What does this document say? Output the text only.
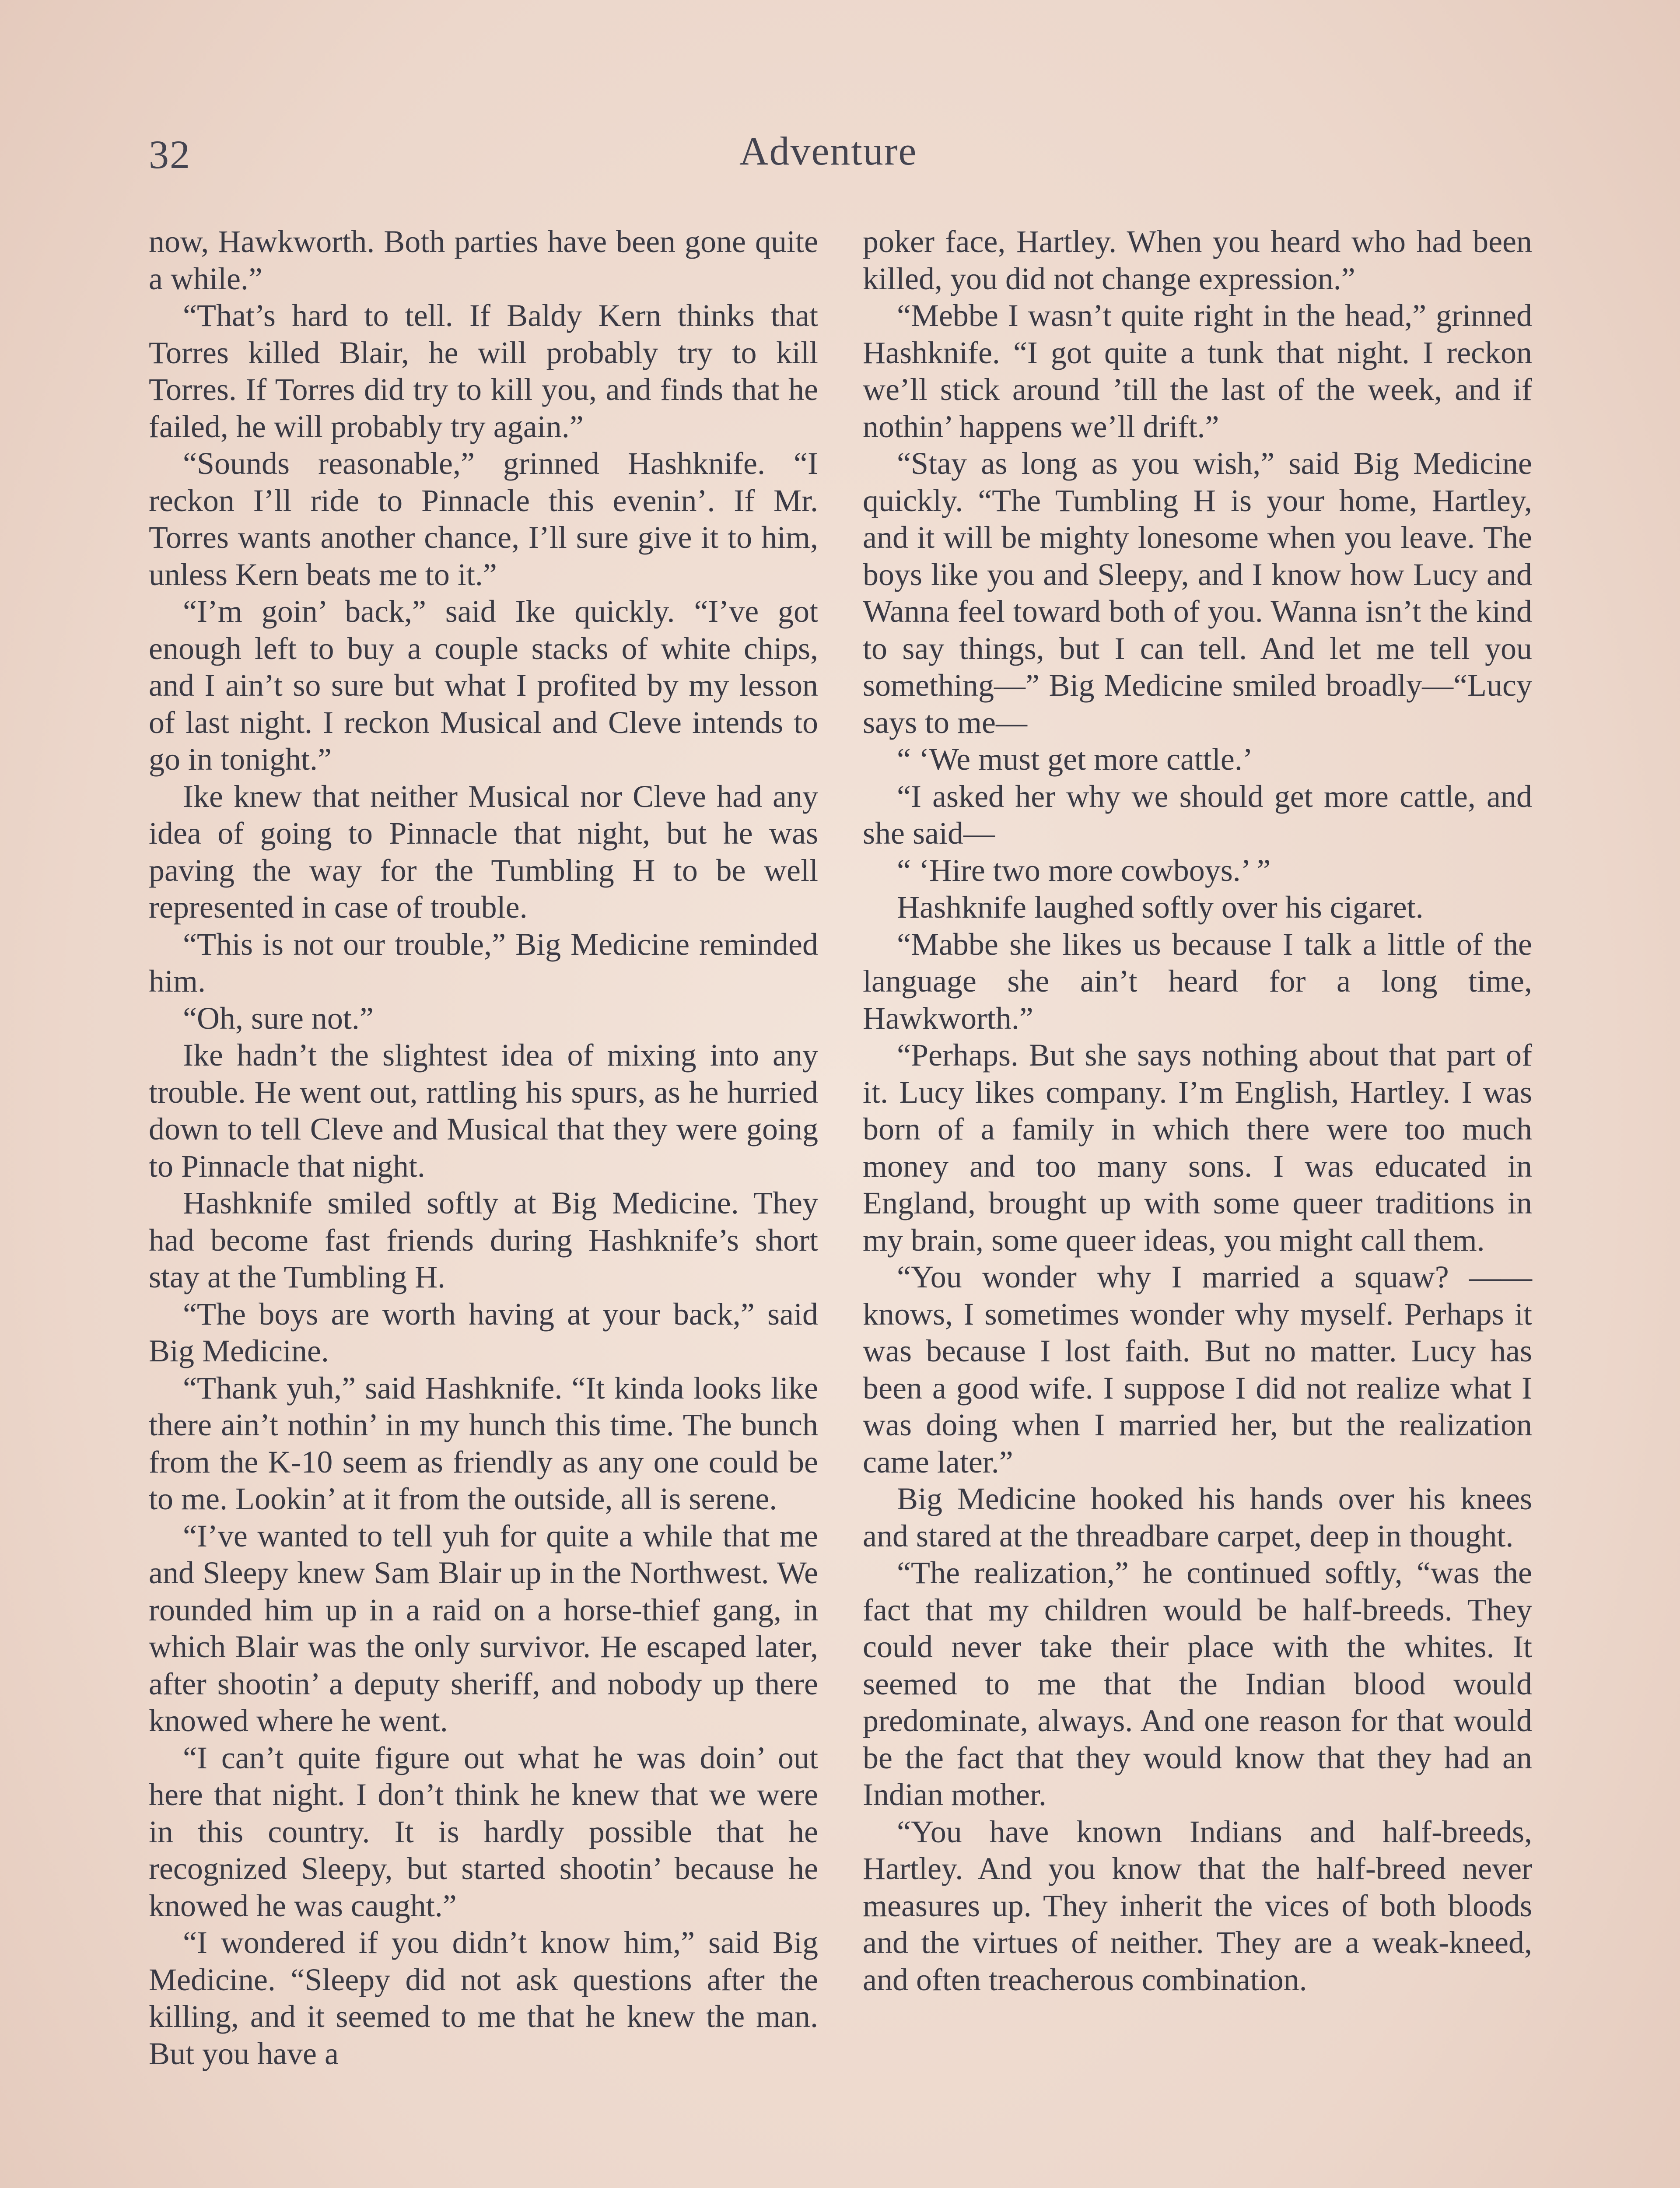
32	Adventure

now, Hawkworth. Both parties have been gone quite a while.”

“That’s hard to tell. If Baldy Kern thinks that Torres killed Blair, he will probably try to kill Torres. If Torres did try to kill you, and finds that he failed, he will probably try again.”

“Sounds reasonable,” grinned Hashknife. “I reckon I’ll ride to Pinnacle this evenin’. If Mr. Torres wants another chance, I’ll sure give it to him, unless Kern beats me to it.”

“I’m goin’ back,” said Ike quickly. “I’ve got enough left to buy a couple stacks of white chips, and I ain’t so sure but what I profited by my lesson of last night. I reckon Musical and Cleve intends to go in tonight.”

Ike knew that neither Musical nor Cleve had any idea of going to Pinnacle that night, but he was paving the way for the Tumbling H to be well represented in case of trouble.

“This is not our trouble,” Big Medicine reminded him.

“Oh, sure not.”

Ike hadn’t the slightest idea of mixing into any trouble. He went out, rattling his spurs, as he hurried down to tell Cleve and Musical that they were going to Pinnacle that night.

Hashknife smiled softly at Big Medicine. They had become fast friends during Hashknife’s short stay at the Tumbling H.

“The boys are worth having at your back,” said Big Medicine.

“Thank yuh,” said Hashknife. “It kinda looks like there ain’t nothin’ in my hunch this time. The bunch from the K-10 seem as friendly as any one could be to me. Lookin’ at it from the outside, all is serene.

“I’ve wanted to tell yuh for quite a while that me and Sleepy knew Sam Blair up in the Northwest. We rounded him up in a raid on a horse-thief gang, in which Blair was the only survivor. He escaped later, after shootin’ a deputy sheriff, and nobody up there knowed where he went.

“I can’t quite figure out what he was doin’ out here that night. I don’t think he knew that we were in this country. It is hardly possible that he recognized Sleepy, but started shootin’ because he knowed he was caught.”

“I wondered if you didn’t know him,” said Big Medicine. “Sleepy did not ask questions after the killing, and it seemed to me that he knew the man. But you have a

poker face, Hartley. When you heard who had been killed, you did not change expression.”

“Mebbe I wasn’t quite right in the head,” grinned Hashknife. “I got quite a tunk that night. I reckon we’ll stick around ’till the last of the week, and if nothin’ happens we’ll drift.”

“Stay as long as you wish,” said Big Medicine quickly. “The Tumbling H is your home, Hartley, and it will be mighty lonesome when you leave. The boys like you and Sleepy, and I know how Lucy and Wanna feel toward both of you. Wanna isn’t the kind to say things, but I can tell. And let me tell you something—” Big Medicine smiled broadly—“Lucy says to me—

“ ‘We must get more cattle.’

“I asked her why we should get more cattle, and she said—

“ ‘Hire two more cowboys.’ ”

Hashknife laughed softly over his cigaret.

“Mabbe she likes us because I talk a little of the language she ain’t heard for a long time, Hawkworth.”

“Perhaps. But she says nothing about that part of it. Lucy likes company. I’m English, Hartley. I was born of a family in which there were too much money and too many sons. I was educated in England, brought up with some queer traditions in my brain, some queer ideas, you might call them.

“You wonder why I married a squaw? —— knows, I sometimes wonder why myself. Perhaps it was because I lost faith. But no matter. Lucy has been a good wife. I suppose I did not realize what I was doing when I married her, but the realization came later.”

Big Medicine hooked his hands over his knees and stared at the threadbare carpet, deep in thought.

“The realization,” he continued softly, “was the fact that my children would be half-breeds. They could never take their place with the whites. It seemed to me that the Indian blood would predominate, always. And one reason for that would be the fact that they would know that they had an Indian mother.

“You have known Indians and half-breeds, Hartley. And you know that the half-breed never measures up. They inherit the vices of both bloods and the virtues of neither. They are a weak-kneed, and often treacherous combination.
